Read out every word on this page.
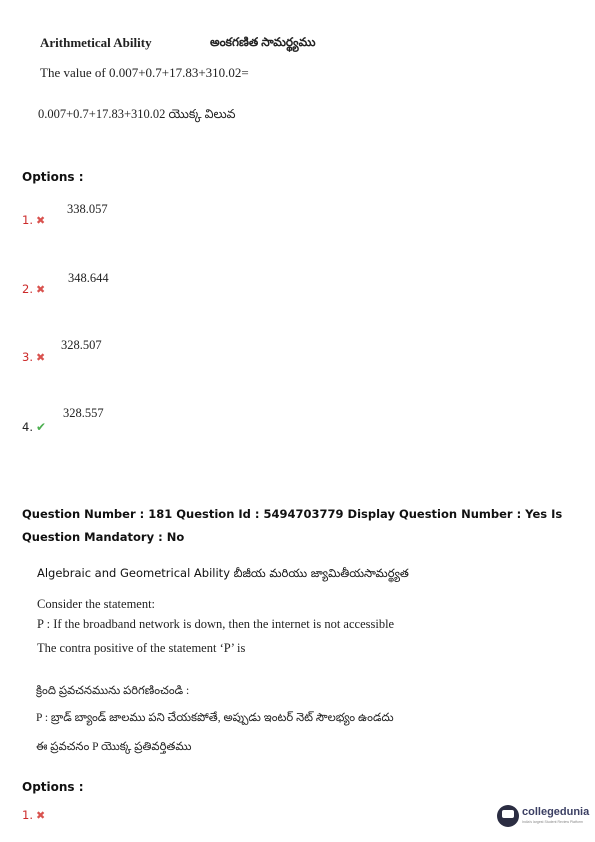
Arithmetical Ability	అంకగణిత సామర్థ్యము
The value of 0.007+0.7+17.83+310.02=
0.007+0.7+17.83+310.02 యొక్క విలువ
Options :
1. ✖
338.057
2. ✖
348.644
3. ✖
328.507
4. ✔
328.557
Question Number : 181 Question Id : 5494703779 Display Question Number : Yes Is Question Mandatory : No
Algebraic and Geometrical Ability బీజీయ మరియు జ్యామితీయసామర్థ్యత
Consider the statement:
P : If the broadband network is down, then the internet is not accessible
The contra positive of the statement ‘P’ is
క్రింది ప్రవచనమును పరిగణించండి :
P : బ్రాడ్ బ్యాండ్ జాలము పని చేయకపోతే, అప్పుడు ఇంటర్ నెట్ సౌలభ్యం ఉండదు
ఈ ప్రవచనం P యొక్క ప్రతివర్తితము
Options :
1. ✖	collegedunia
India's largest Student Review Platform
